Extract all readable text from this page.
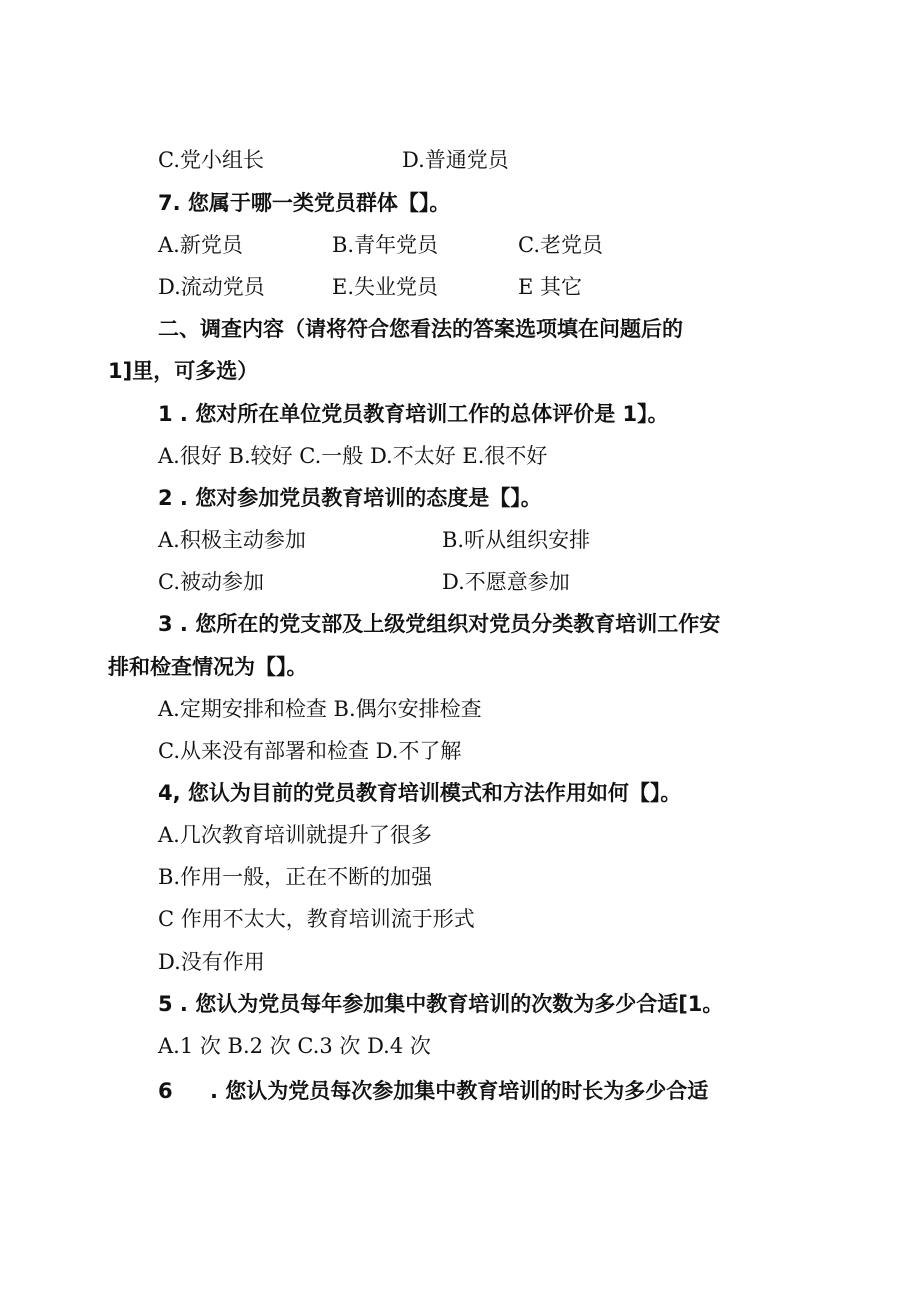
C.党小组长	D.普通党员
7. 您属于哪一类党员群体【】。
A.新党员	B.青年党员	C.老党员
D.流动党员	E.失业党员	E 其它
二、调查内容（请将符合您看法的答案选项填在问题后的
1]里，可多选）
1 . 您对所在单位党员教育培训工作的总体评价是 1】。
A.很好 B.较好 C.一般 D.不太好 E.很不好
2 . 您对参加党员教育培训的态度是【】。
A.积极主动参加	B.听从组织安排
C.被动参加	D.不愿意参加
3 . 您所在的党支部及上级党组织对党员分类教育培训工作安
排和检查情况为【】。
A.定期安排和检查 B.偶尔安排检查
C.从来没有部署和检查 D.不了解
4, 您认为目前的党员教育培训模式和方法作用如何【】。
A.几次教育培训就提升了很多
B.作用一般，正在不断的加强
C 作用不太大，教育培训流于形式
D.没有作用
5 . 您认为党员每年参加集中教育培训的次数为多少合适[1。
A.1 次 B.2 次 C.3 次 D.4 次
6 . 您认为党员每次参加集中教育培训的时长为多少合适
